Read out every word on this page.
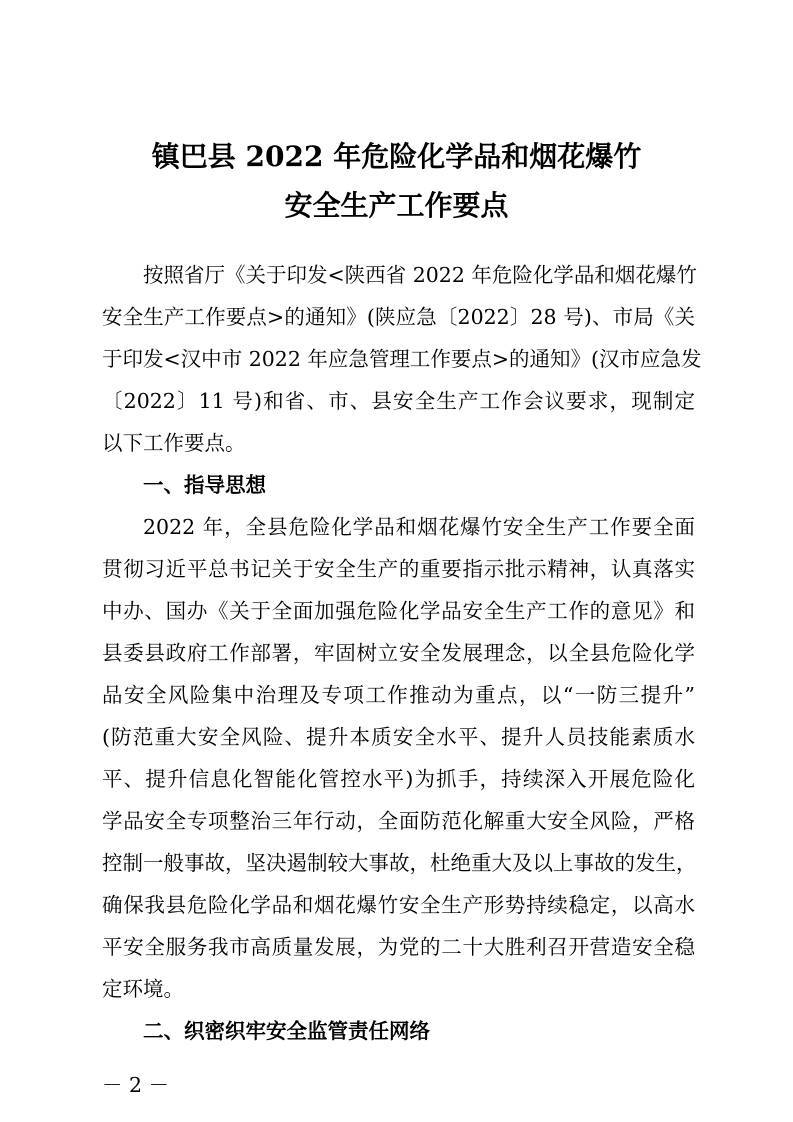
镇巴县 2022 年危险化学品和烟花爆竹
安全生产工作要点

按照省厅《关于印发<陕西省 2022 年危险化学品和烟花爆竹

安全生产工作要点>的通知》(陕应急〔2022〕28 号)、市局《关

于印发<汉中市 2022 年应急管理工作要点>的通知》(汉市应急发

〔2022〕11 号)和省、市、县安全生产工作会议要求，现制定

以下工作要点。

一、指导思想

2022 年，全县危险化学品和烟花爆竹安全生产工作要全面

贯彻习近平总书记关于安全生产的重要指示批示精神，认真落实

中办、国办《关于全面加强危险化学品安全生产工作的意见》和

县委县政府工作部署，牢固树立安全发展理念，以全县危险化学

品安全风险集中治理及专项工作推动为重点，以“一防三提升”

(防范重大安全风险、提升本质安全水平、提升人员技能素质水

平、提升信息化智能化管控水平)为抓手，持续深入开展危险化

学品安全专项整治三年行动，全面防范化解重大安全风险，严格

控制一般事故，坚决遏制较大事故，杜绝重大及以上事故的发生，

确保我县危险化学品和烟花爆竹安全生产形势持续稳定，以高水

平安全服务我市高质量发展，为党的二十大胜利召开营造安全稳

定环境。

二、织密织牢安全监管责任网络

－ 2 －
